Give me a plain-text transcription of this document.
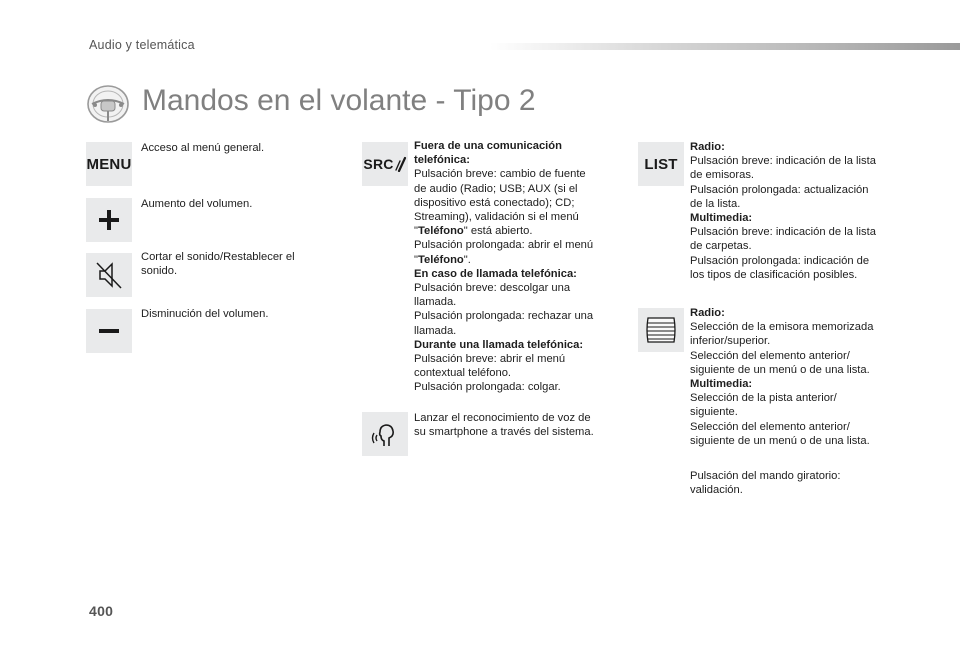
Audio y telemática
Mandos en el volante - Tipo 2
MENU
Acceso al menú general.
Aumento del volumen.
Cortar el sonido/Restablecer el
sonido.
Disminución del volumen.
SRC
Fuera de una comunicación
telefónica:
Pulsación breve: cambio de fuente
de audio (Radio; USB; AUX (si el
dispositivo está conectado); CD;
Streaming), validación si el menú
"Teléfono" está abierto.
Pulsación prolongada: abrir el menú
"Teléfono".
En caso de llamada telefónica:
Pulsación breve: descolgar una
llamada.
Pulsación prolongada: rechazar una
llamada.
Durante una llamada telefónica:
Pulsación breve: abrir el menú
contextual teléfono.
Pulsación prolongada: colgar.
Lanzar el reconocimiento de voz de
su smartphone a través del sistema.
LIST
Radio:
Pulsación breve: indicación de la lista
de emisoras.
Pulsación prolongada: actualización
de la lista.
Multimedia:
Pulsación breve: indicación de la lista
de carpetas.
Pulsación prolongada: indicación de
los tipos de clasificación posibles.
Radio:
Selección de la emisora memorizada
inferior/superior.
Selección del elemento anterior/
siguiente de un menú o de una lista.
Multimedia:
Selección de la pista anterior/
siguiente.
Selección del elemento anterior/
siguiente de un menú o de una lista.
Pulsación del mando giratorio:
validación.
400
